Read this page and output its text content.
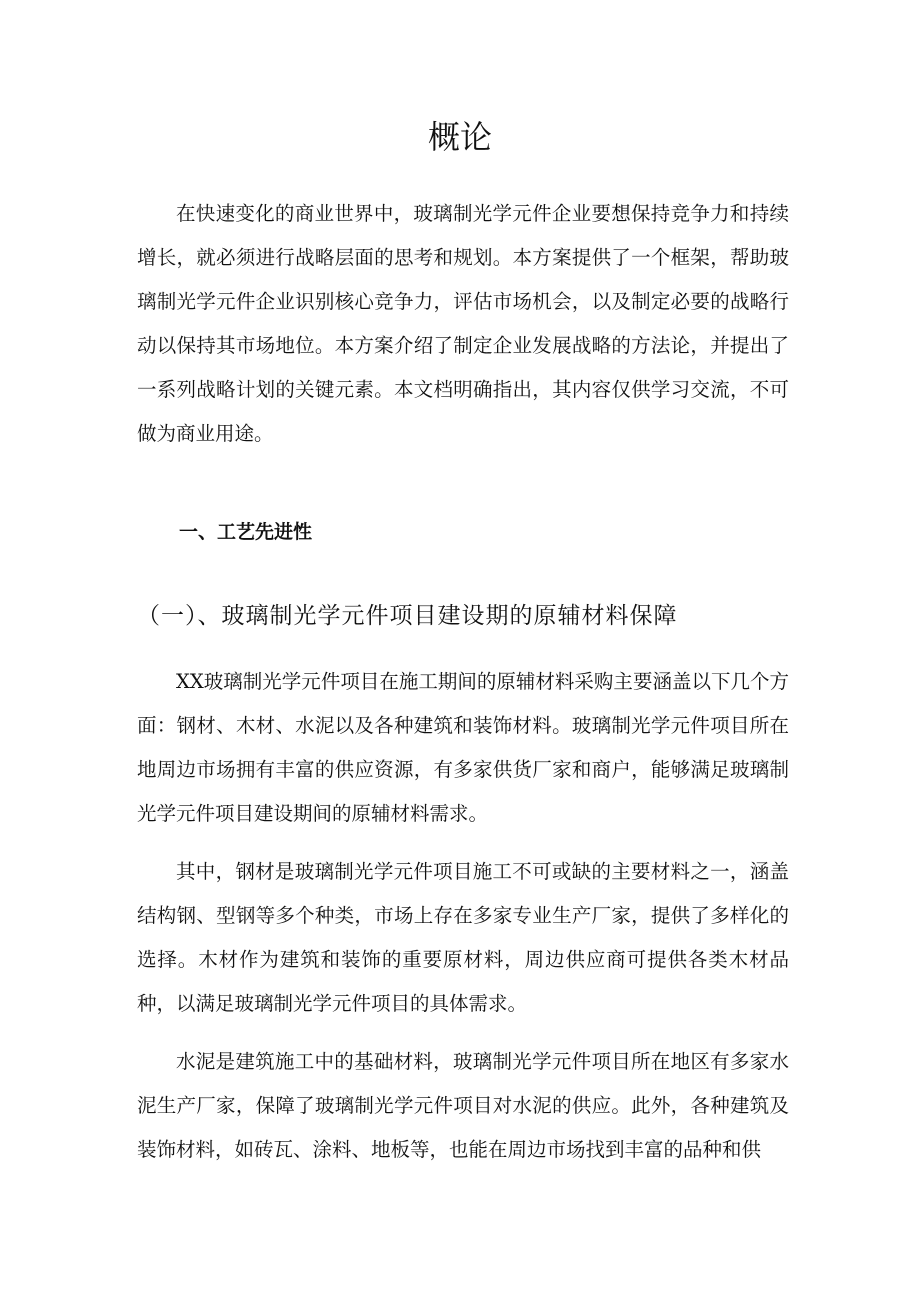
概论

在快速变化的商业世界中，玻璃制光学元件企业要想保持竞争力和持续增长，就必须进行战略层面的思考和规划。本方案提供了一个框架，帮助玻璃制光学元件企业识别核心竞争力，评估市场机会，以及制定必要的战略行动以保持其市场地位。本方案介绍了制定企业发展战略的方法论，并提出了一系列战略计划的关键元素。本文档明确指出，其内容仅供学习交流，不可做为商业用途。

一、工艺先进性
（一）、玻璃制光学元件项目建设期的原辅材料保障

XX玻璃制光学元件项目在施工期间的原辅材料采购主要涵盖以下几个方面：钢材、木材、水泥以及各种建筑和装饰材料。玻璃制光学元件项目所在地周边市场拥有丰富的供应资源，有多家供货厂家和商户，能够满足玻璃制光学元件项目建设期间的原辅材料需求。

其中，钢材是玻璃制光学元件项目施工不可或缺的主要材料之一，涵盖结构钢、型钢等多个种类，市场上存在多家专业生产厂家，提供了多样化的选择。木材作为建筑和装饰的重要原材料，周边供应商可提供各类木材品种，以满足玻璃制光学元件项目的具体需求。

水泥是建筑施工中的基础材料，玻璃制光学元件项目所在地区有多家水泥生产厂家，保障了玻璃制光学元件项目对水泥的供应。此外，各种建筑及装饰材料，如砖瓦、涂料、地板等，也能在周边市场找到丰富的品种和供
